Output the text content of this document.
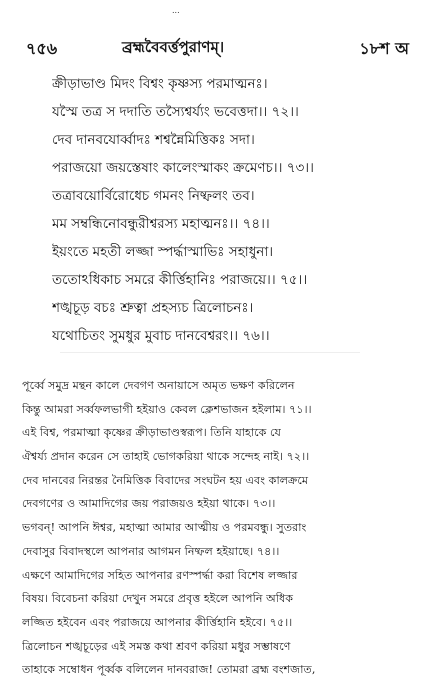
...
৭৫৬	ব্রহ্মবৈবর্ত্তপুরাণম্।	১৮শ অ
ক্রীড়াভাণ্ড মিদং বিশ্বং কৃষ্ণস্য পরমাত্মনঃ।
যস্মৈ তত্র স দদাতি তস্যৈশ্বর্য্যং ভবেত্তদা।। ৭২।।
দেব দানবযোর্ব্বাদঃ শশ্বন্নৈমিত্তিকঃ সদা।
পরাজয়ো জয়স্তেষাং কালেংস্মাকং ক্রমেণচ।। ৭৩।।
তত্রাবয়োর্বিরোধেচ গমনং নিষ্ফলং তব।
মম সম্বন্ধিনোবন্ধুরীশ্বরস্য মহাত্মনঃ।। ৭৪।।
ইয়ংতে মহতী লজ্জা স্পর্দ্ধাস্মাভিঃ সহাধুনা।
ততোঽধিকাচ সমরে কীর্ত্তিহানিঃ পরাজয়ে।। ৭৫।।
শঙ্খচূড় বচঃ শ্রুত্বা প্রহস্যচ ত্রিলোচনঃ।
যথোচিতং সুমধুর মুবাচ দানবেশ্বরং।। ৭৬।।
পূর্ব্বে সমুদ্র মন্থন কালে দেবগণ অনায়াসে অমৃত ভক্ষণ করিলেন
কিন্তু আমরা সর্ব্বফলভাগী হইয়াও কেবল ক্লেশভাজন হইলাম। ৭১।।
এই বিশ্ব, পরমাত্মা কৃষ্ণের ক্রীড়াভাণ্ডস্বরূপ। তিনি যাহাকে যে
ঐশ্বর্য্য প্রদান করেন সে তাহাই ভোগকরিয়া থাকে সন্দেহ নাই। ৭২।।
দেব দানবের নিরন্তর নৈমিত্তিক বিবাদের সংঘটন হয় এবং কালক্রমে
দেবগণের ও আমাদিগের জয় পরাজয়ও হইয়া থাকে। ৭৩।।
ভগবন্! আপনি ঈশ্বর, মহাত্মা আমার আত্মীয় ও পরমবন্ধু। সুতরাং
দেবাসুর বিবাদস্থলে আপনার আগমন নিষ্ফল হইয়াছে। ৭৪।।
এক্ষণে আমাদিগের সহিত আপনার রণস্পর্দ্ধা করা বিশেষ লজ্জার
বিষয়। বিবেচনা করিয়া দেখুন সমরে প্রবৃত্ত হইলে আপনি অধিক
লজ্জিত হইবেন এবং পরাজয়ে আপনার কীর্ত্তিহানি হইবে। ৭৫।।
ত্রিলোচন শঙ্খচূড়ের এই সমস্ত কথা শ্রবণ করিয়া মধুর সম্ভাষণে
তাহাকে সম্বোধন পূর্ব্বক বলিলেন দানবরাজ! তোমরা ব্রহ্ম বংশজাত,
